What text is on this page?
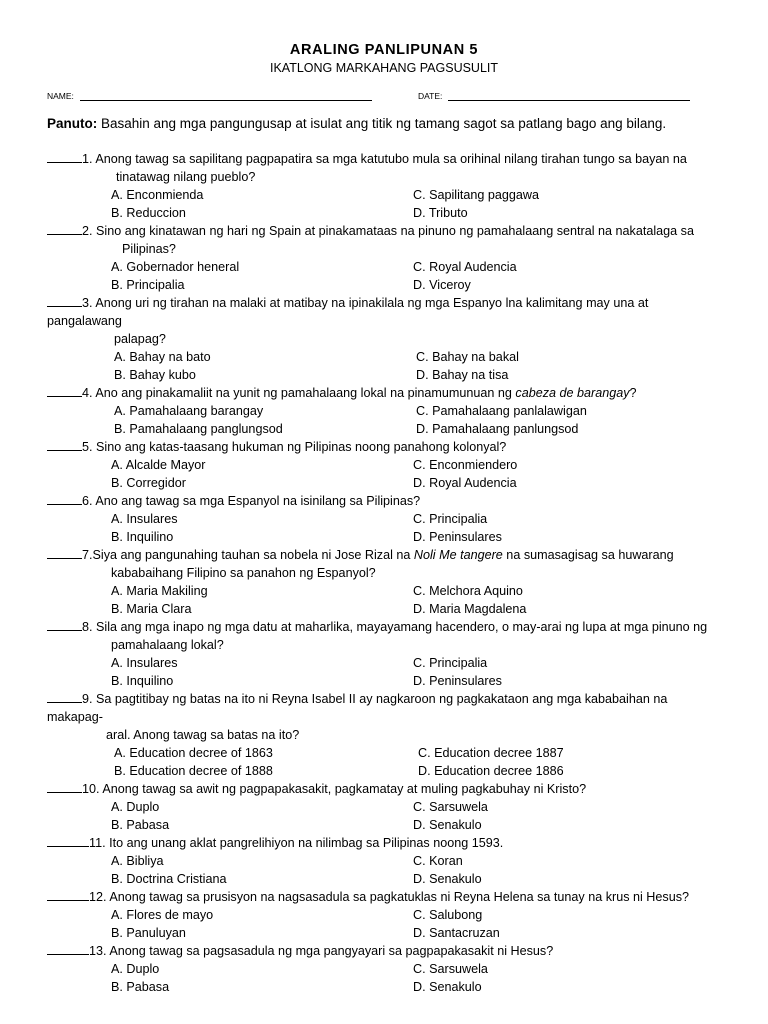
ARALING PANLIPUNAN 5
IKATLONG MARKAHANG PAGSUSULIT
NAME:	DATE:
Panuto: Basahin ang mga pangungusap at isulat ang titik ng tamang sagot sa patlang bago ang bilang.
1. Anong tawag sa sapilitang pagpapatira sa mga katutubo mula sa orihinal nilang tirahan tungo sa bayan na
tinatawag nilang pueblo?
A. Enconmienda	C. Sapilitang paggawa
B. Reduccion	D. Tributo
2. Sino ang kinatawan ng hari ng Spain at pinakamataas na pinuno ng pamahalaang sentral na nakatalaga sa
Pilipinas?
A. Gobernador heneral	C. Royal Audencia
B. Principalia	D. Viceroy
3. Anong uri ng tirahan na malaki at matibay na ipinakilala ng mga Espanyo lna kalimitang may una at
pangalawang
palapag?
A. Bahay na bato	C. Bahay na bakal
B. Bahay kubo	D. Bahay na tisa
4. Ano ang pinakamaliit na yunit ng pamahalaang lokal na pinamumunuan ng cabeza de barangay?
A. Pamahalaang barangay	C. Pamahalaang panlalawigan
B. Pamahalaang panglungsod	D. Pamahalaang panlungsod
5. Sino ang katas-taasang hukuman ng Pilipinas noong panahong kolonyal?
A. Alcalde Mayor	C. Enconmiendero
B. Corregidor	D. Royal Audencia
6. Ano ang tawag sa mga Espanyol na isinilang sa Pilipinas?
A. Insulares	C. Principalia
B. Inquilino	D. Peninsulares
7.Siya ang pangunahing tauhan sa nobela ni Jose Rizal na Noli Me tangere na sumasagisag sa huwarang
kababaihang Filipino sa panahon ng Espanyol?
A. Maria Makiling	C. Melchora Aquino
B. Maria Clara	D. Maria Magdalena
8. Sila ang mga inapo ng mga datu at maharlika, mayayamang hacendero, o may-arai ng lupa at mga pinuno ng
pamahalaang lokal?
A. Insulares	C. Principalia
B. Inquilino	D. Peninsulares
9. Sa pagtitibay ng batas na ito ni Reyna Isabel II ay nagkaroon ng pagkakataon ang mga kababaihan na
makapag-
aral. Anong tawag sa batas na ito?
A. Education decree of 1863	C. Education decree 1887
B. Education decree of 1888	D. Education decree 1886
10. Anong tawag sa awit ng pagpapakasakit, pagkamatay at muling pagkabuhay ni Kristo?
A. Duplo	C. Sarsuwela
B. Pabasa	D. Senakulo
11. Ito ang unang aklat pangrelihiyon na nilimbag sa Pilipinas noong 1593.
A. Bibliya	C. Koran
B. Doctrina Cristiana	D. Senakulo
12. Anong tawag sa prusisyon na nagsasadula sa pagkatuklas ni Reyna Helena sa tunay na krus ni Hesus?
A. Flores de mayo	C. Salubong
B. Panuluyan	D. Santacruzan
13. Anong tawag sa pagsasadula ng mga pangyayari sa pagpapakasakit ni Hesus?
A. Duplo	C. Sarsuwela
B. Pabasa	D. Senakulo
